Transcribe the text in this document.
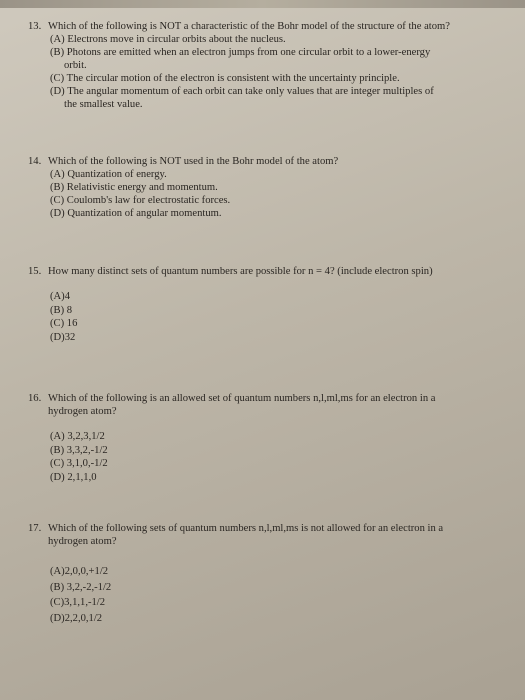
13. Which of the following is NOT a characteristic of the Bohr model of the structure of the atom?

(A) Electrons move in circular orbits about the nucleus.
(B) Photons are emitted when an electron jumps from one circular orbit to a lower-energy
orbit.
(C) The circular motion of the electron is consistent with the uncertainty principle.
(D) The angular momentum of each orbit can take only values that are integer multiples of
the smallest value.

14. Which of the following is NOT used in the Bohr model of the atom?

(A) Quantization of energy.
(B) Relativistic energy and momentum.
(C) Coulomb's law for electrostatic forces.
(D) Quantization of angular momentum.

15. How many distinct sets of quantum numbers are possible for n = 4? (include electron spin)

(A)4
(B) 8
(C) 16
(D)32

16. Which of the following is an allowed set of quantum numbers n,l,ml,ms for an electron in a
hydrogen atom?

(A) 3,2,3,1/2
(B) 3,3,2,-1/2
(C) 3,1,0,-1/2
(D) 2,1,1,0

17. Which of the following sets of quantum numbers n,l,ml,ms is not allowed for an electron in a
hydrogen atom?

(A)2,0,0,+1/2
(B) 3,2,-2,-1/2
(C)3,1,1,-1/2
(D)2,2,0,1/2
